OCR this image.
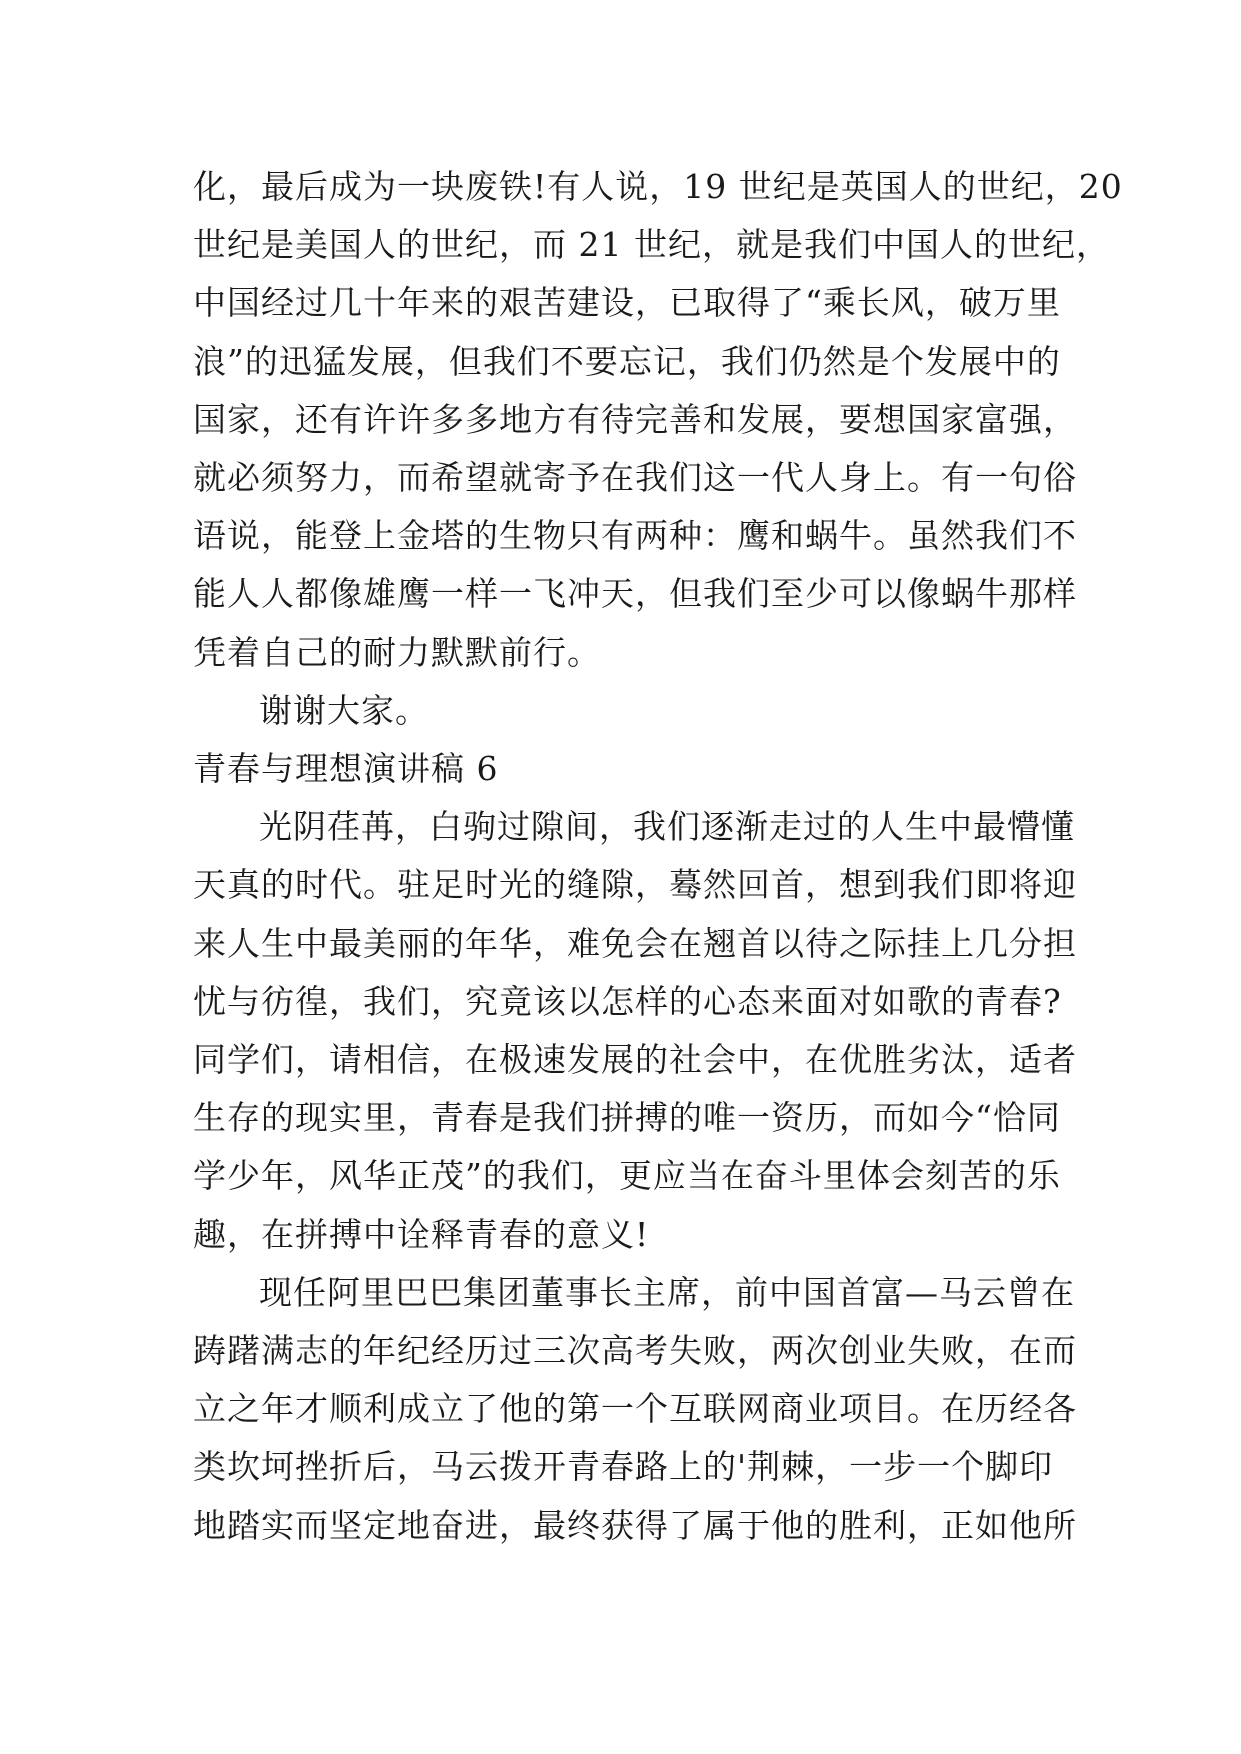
化，最后成为一块废铁!有人说，19 世纪是英国人的世纪，20
世纪是美国人的世纪，而 21 世纪，就是我们中国人的世纪，
中国经过几十年来的艰苦建设，已取得了“乘长风，破万里
浪”的迅猛发展，但我们不要忘记，我们仍然是个发展中的
国家，还有许许多多地方有待完善和发展，要想国家富强，
就必须努力，而希望就寄予在我们这一代人身上。有一句俗
语说，能登上金塔的生物只有两种：鹰和蜗牛。虽然我们不
能人人都像雄鹰一样一飞冲天，但我们至少可以像蜗牛那样
凭着自己的耐力默默前行。

谢谢大家。

青春与理想演讲稿 6

光阴荏苒，白驹过隙间，我们逐渐走过的人生中最懵懂
天真的时代。驻足时光的缝隙，蓦然回首，想到我们即将迎
来人生中最美丽的年华，难免会在翘首以待之际挂上几分担
忧与彷徨，我们，究竟该以怎样的心态来面对如歌的青春?
同学们，请相信，在极速发展的社会中，在优胜劣汰，适者
生存的现实里，青春是我们拼搏的唯一资历，而如今“恰同
学少年，风华正茂”的我们，更应当在奋斗里体会刻苦的乐
趣，在拼搏中诠释青春的意义!

现任阿里巴巴集团董事长主席，前中国首富—马云曾在
踌躇满志的年纪经历过三次高考失败，两次创业失败，在而
立之年才顺利成立了他的第一个互联网商业项目。在历经各
类坎坷挫折后，马云拨开青春路上的'荆棘，一步一个脚印
地踏实而坚定地奋进，最终获得了属于他的胜利，正如他所
